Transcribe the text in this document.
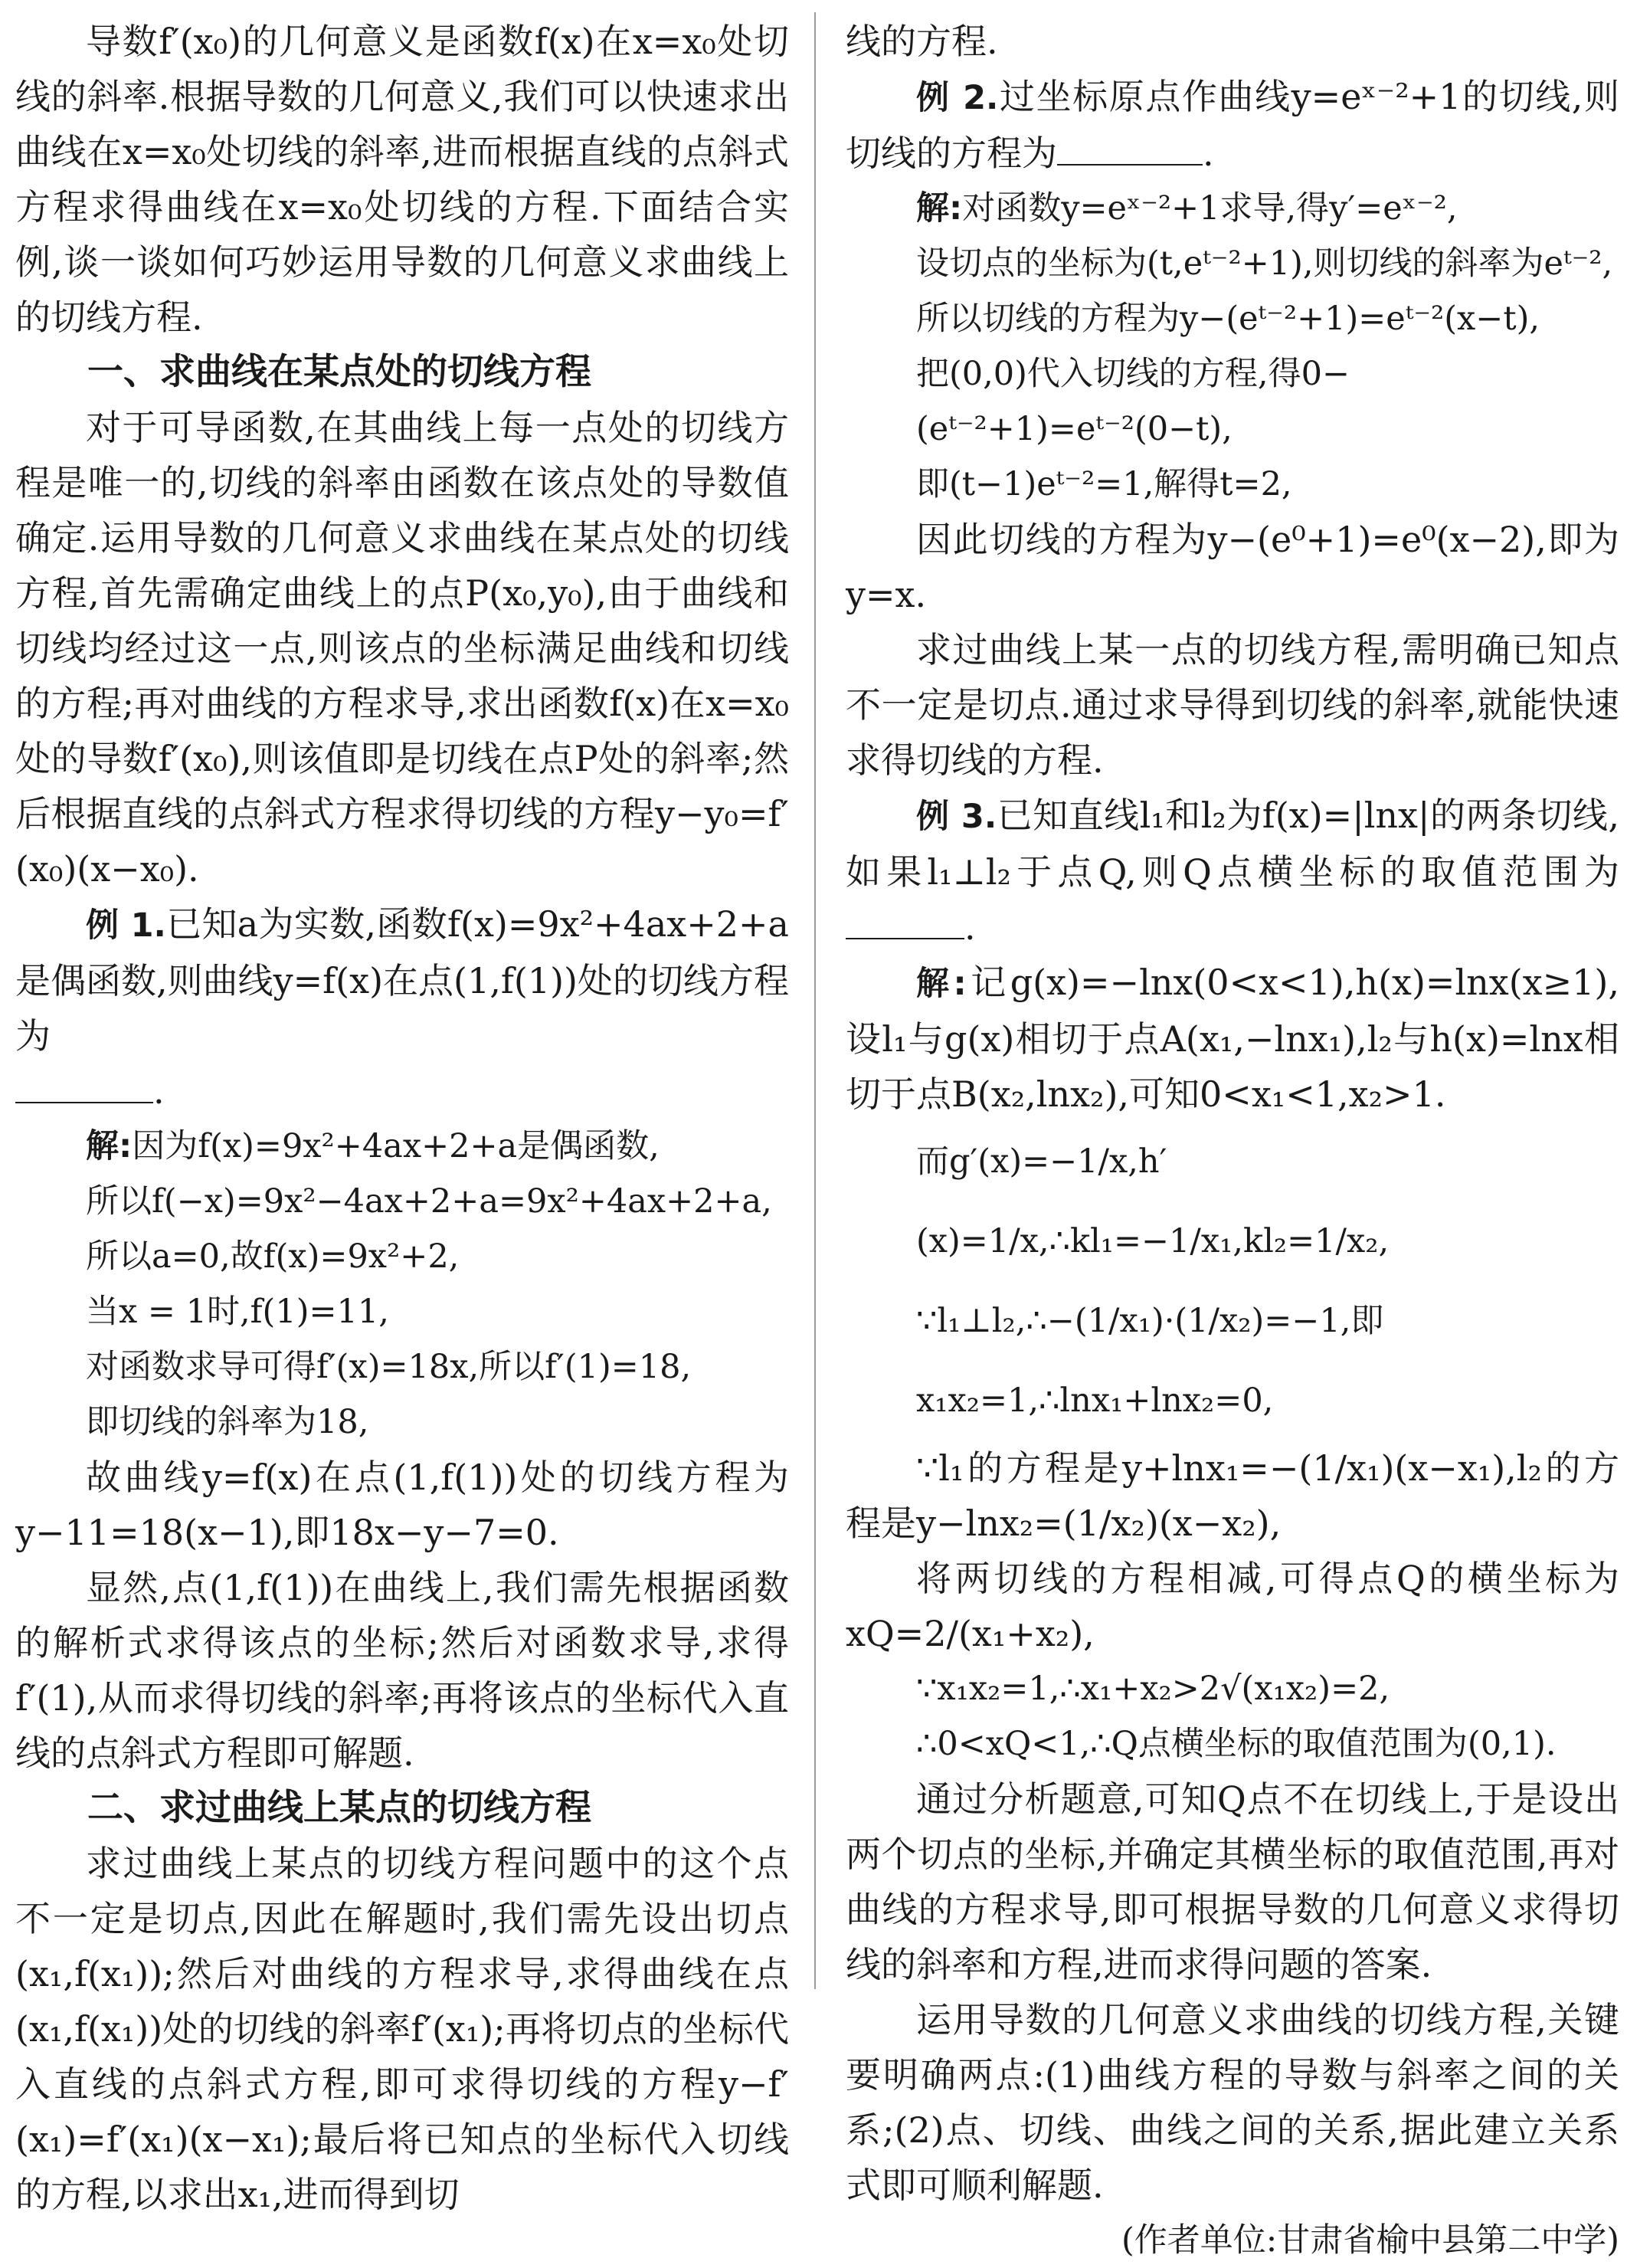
导数f′(x₀)的几何意义是函数f(x)在x=x₀处切线的斜率.根据导数的几何意义,我们可以快速求出曲线在x=x₀处切线的斜率,进而根据直线的点斜式方程求得曲线在x=x₀处切线的方程.下面结合实例,谈一谈如何巧妙运用导数的几何意义求曲线上的切线方程.

一、求曲线在某点处的切线方程

对于可导函数,在其曲线上每一点处的切线方程是唯一的,切线的斜率由函数在该点处的导数值确定.运用导数的几何意义求曲线在某点处的切线方程,首先需确定曲线上的点P(x₀,y₀),由于曲线和切线均经过这一点,则该点的坐标满足曲线和切线的方程;再对曲线的方程求导,求出函数f(x)在x=x₀处的导数f′(x₀),则该值即是切线在点P处的斜率;然后根据直线的点斜式方程求得切线的方程y−y₀=f′(x₀)(x−x₀).

例 1.已知a为实数,函数f(x)=9x²+4ax+2+a是偶函数,则曲线y=f(x)在点(1,f(1))处的切线方程为
.

解:因为f(x)=9x²+4ax+2+a是偶函数,

所以f(−x)=9x²−4ax+2+a=9x²+4ax+2+a,

所以a=0,故f(x)=9x²+2,

当x = 1时,f(1)=11,

对函数求导可得f′(x)=18x,所以f′(1)=18,

即切线的斜率为18,

故曲线y=f(x)在点(1,f(1))处的切线方程为y−11=18(x−1),即18x−y−7=0.

显然,点(1,f(1))在曲线上,我们需先根据函数的解析式求得该点的坐标;然后对函数求导,求得f′(1),从而求得切线的斜率;再将该点的坐标代入直线的点斜式方程即可解题.

二、求过曲线上某点的切线方程

求过曲线上某点的切线方程问题中的这个点不一定是切点,因此在解题时,我们需先设出切点(x₁,f(x₁));然后对曲线的方程求导,求得曲线在点(x₁,f(x₁))处的切线的斜率f′(x₁);再将切点的坐标代入直线的点斜式方程,即可求得切线的方程y−f′(x₁)=f′(x₁)(x−x₁);最后将已知点的坐标代入切线的方程,以求出x₁,进而得到切

线的方程.

例 2.过坐标原点作曲线y=eˣ⁻²+1的切线,则切线的方程为	.

解:对函数y=eˣ⁻²+1求导,得y′=eˣ⁻²,

设切点的坐标为(t,eᵗ⁻²+1),则切线的斜率为eᵗ⁻²,

所以切线的方程为y−(eᵗ⁻²+1)=eᵗ⁻²(x−t),

把(0,0)代入切线的方程,得0−(eᵗ⁻²+1)=eᵗ⁻²(0−t),

即(t−1)eᵗ⁻²=1,解得t=2,

因此切线的方程为y−(e⁰+1)=e⁰(x−2),即为y=x.

求过曲线上某一点的切线方程,需明确已知点不一定是切点.通过求导得到切线的斜率,就能快速求得切线的方程.

例 3.已知直线l₁和l₂为f(x)=|lnx|的两条切线,如果l₁⊥l₂于点Q,则Q点横坐标的取值范围为.

解:记g(x)=−lnx(0<x<1),h(x)=lnx(x≥1),设l₁与g(x)相切于点A(x₁,−lnx₁),l₂与h(x)=lnx相切于点B(x₂,lnx₂),可知0<x₁<1,x₂>1.

而g′(x)=−1/x,h′(x)=1/x,∴kl₁=−1/x₁,kl₂=1/x₂,

∵l₁⊥l₂,∴−(1/x₁)·(1/x₂)=−1,即x₁x₂=1,∴lnx₁+lnx₂=0,

∵l₁的方程是y+lnx₁=−(1/x₁)(x−x₁),l₂的方程是y−lnx₂=(1/x₂)(x−x₂),

将两切线的方程相减,可得点Q的横坐标为xQ=2/(x₁+x₂),

∵x₁x₂=1,∴x₁+x₂>2√(x₁x₂)=2,

∴0<xQ<1,∴Q点横坐标的取值范围为(0,1).

通过分析题意,可知Q点不在切线上,于是设出两个切点的坐标,并确定其横坐标的取值范围,再对曲线的方程求导,即可根据导数的几何意义求得切线的斜率和方程,进而求得问题的答案.

运用导数的几何意义求曲线的切线方程,关键要明确两点:(1)曲线方程的导数与斜率之间的关系;(2)点、切线、曲线之间的关系,据此建立关系式即可顺利解题.

(作者单位:甘肃省榆中县第二中学)
